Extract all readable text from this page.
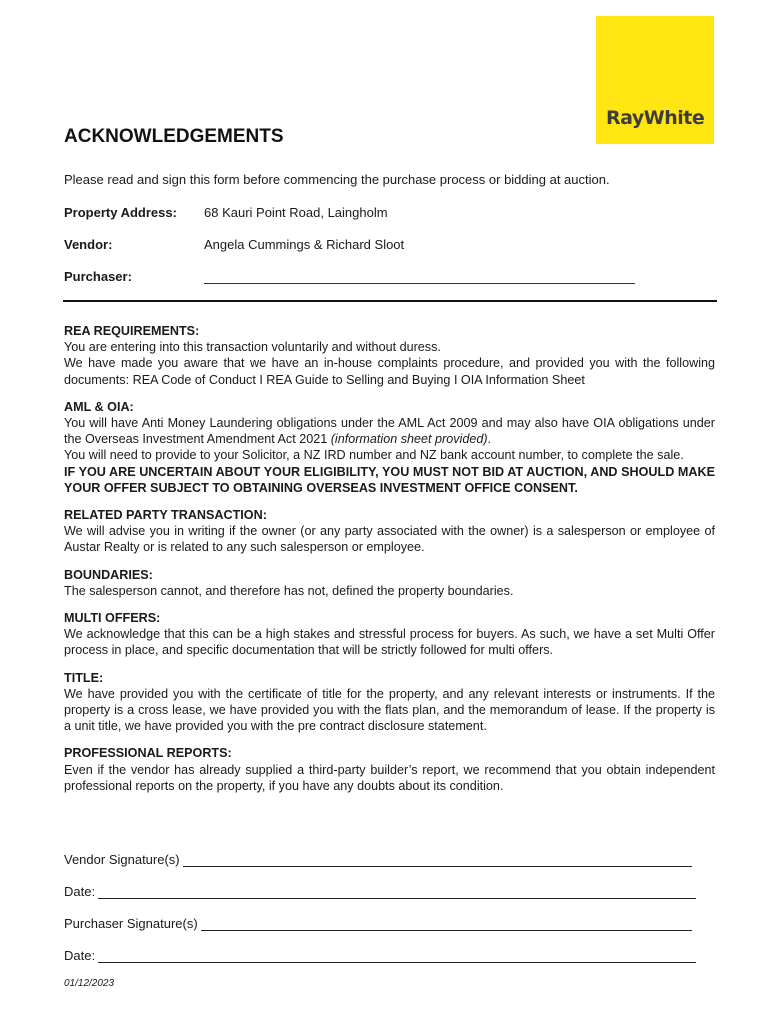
RayWhite
ACKNOWLEDGEMENTS
Please read and sign this form before commencing the purchase process or bidding at auction.
Property Address: 68 Kauri Point Road, Laingholm
Vendor:	Angela Cummings & Richard Sloot
Purchaser:
REA REQUIREMENTS:

You are entering into this transaction voluntarily and without duress.

We have made you aware that we have an in-house complaints procedure, and provided you with the following documents: REA Code of Conduct I REA Guide to Selling and Buying I OIA Information Sheet

AML & OIA:

You will have Anti Money Laundering obligations under the AML Act 2009 and may also have OIA obligations under the Overseas Investment Amendment Act 2021 (information sheet provided).

You will need to provide to your Solicitor, a NZ IRD number and NZ bank account number, to complete the sale.

IF YOU ARE UNCERTAIN ABOUT YOUR ELIGIBILITY, YOU MUST NOT BID AT AUCTION, AND SHOULD MAKE YOUR OFFER SUBJECT TO OBTAINING OVERSEAS INVESTMENT OFFICE CONSENT.

RELATED PARTY TRANSACTION:

We will advise you in writing if the owner (or any party associated with the owner) is a salesperson or employee of Austar Realty or is related to any such salesperson or employee.

BOUNDARIES:

The salesperson cannot, and therefore has not, defined the property boundaries.

MULTI OFFERS:

We acknowledge that this can be a high stakes and stressful process for buyers. As such, we have a set Multi Offer process in place, and specific documentation that will be strictly followed for multi offers.

TITLE:

We have provided you with the certificate of title for the property, and any relevant interests or instruments. If the property is a cross lease, we have provided you with the flats plan, and the memorandum of lease. If the property is a unit title, we have provided you with the pre contract disclosure statement.

PROFESSIONAL REPORTS:

Even if the vendor has already supplied a third-party builder’s report, we recommend that you obtain independent professional reports on the property, if you have any doubts about its condition.

Vendor Signature(s)
Date:
Purchaser Signature(s)
Date:
01/12/2023
